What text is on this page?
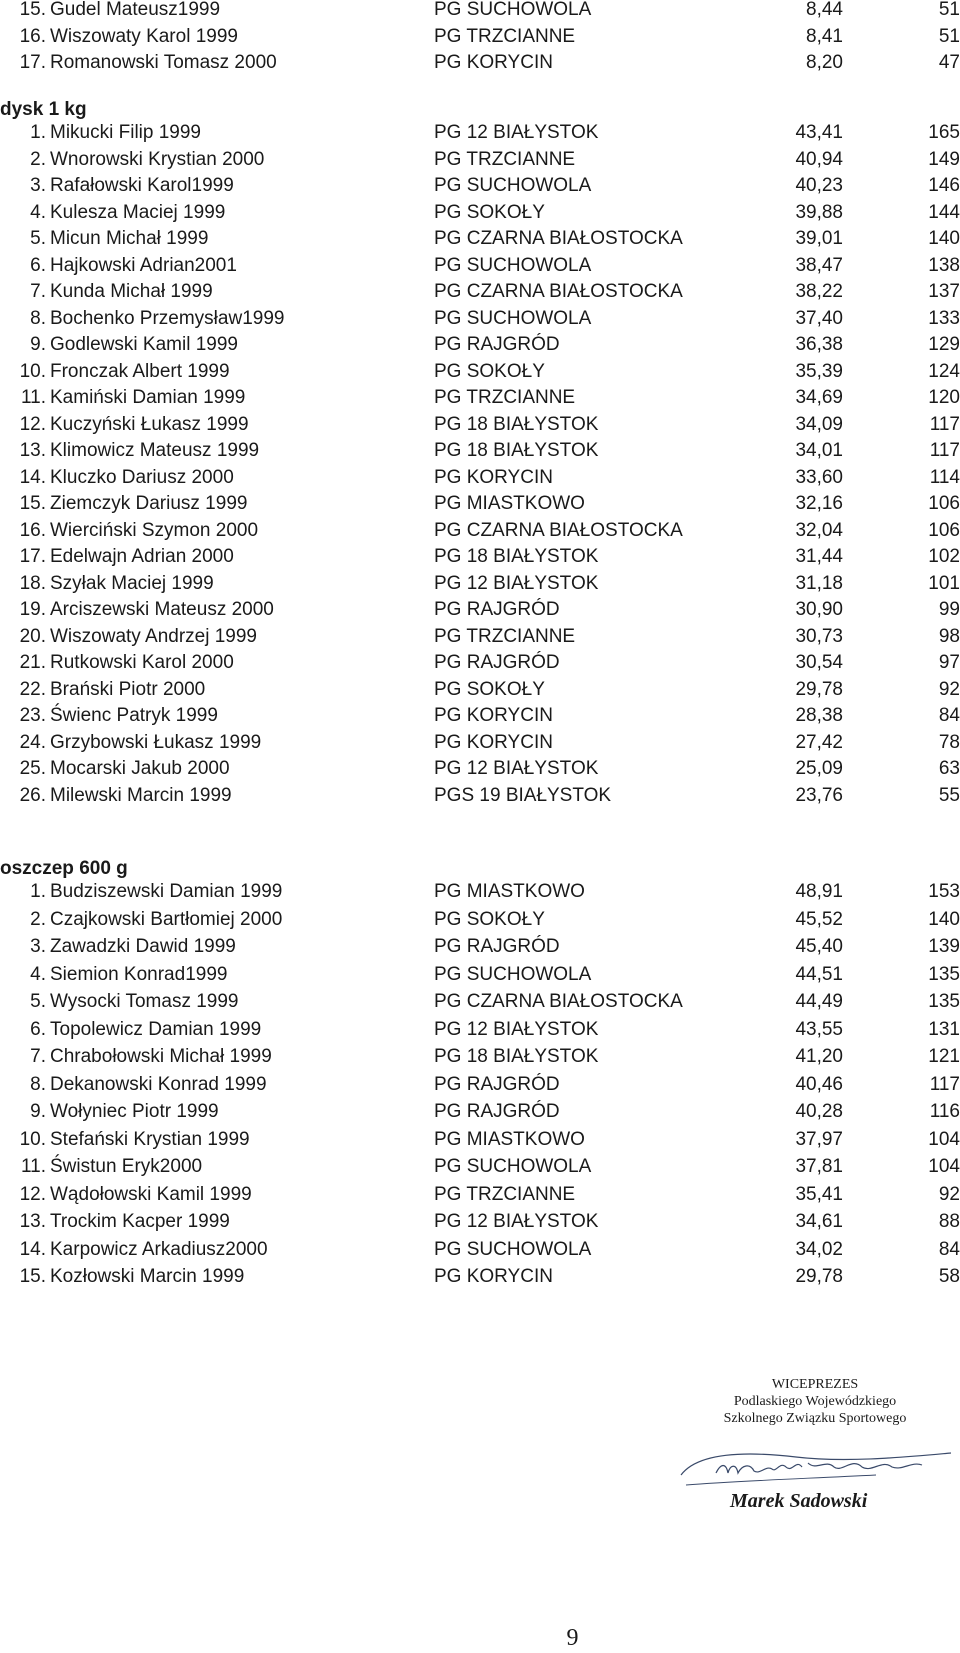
15. Gudel Mateusz1999	PG SUCHOWOLA	8,44	51
16. Wiszowaty Karol 1999	PG TRZCIANNE	8,41	51
17. Romanowski Tomasz 2000	PG KORYCIN	8,20	47
dysk 1 kg
1. Mikucki Filip 1999	PG 12 BIAŁYSTOK	43,41	165
2. Wnorowski Krystian 2000	PG TRZCIANNE	40,94	149
3. Rafałowski Karol1999	PG SUCHOWOLA	40,23	146
4. Kulesza Maciej 1999	PG SOKOŁY	39,88	144
5. Micun Michał 1999	PG CZARNA BIAŁOSTOCKA	39,01	140
6. Hajkowski Adrian2001	PG SUCHOWOLA	38,47	138
7. Kunda Michał 1999	PG CZARNA BIAŁOSTOCKA	38,22	137
8. Bochenko Przemysław1999	PG SUCHOWOLA	37,40	133
9. Godlewski Kamil 1999	PG RAJGRÓD	36,38	129
10. Fronczak Albert 1999	PG SOKOŁY	35,39	124
11. Kamiński Damian 1999	PG TRZCIANNE	34,69	120
12. Kuczyński Łukasz 1999	PG 18 BIAŁYSTOK	34,09	117
13. Klimowicz Mateusz 1999	PG 18 BIAŁYSTOK	34,01	117
14. Kluczko Dariusz 2000	PG KORYCIN	33,60	114
15. Ziemczyk Dariusz 1999	PG MIASTKOWO	32,16	106
16. Wierciński Szymon 2000	PG CZARNA BIAŁOSTOCKA	32,04	106
17. Edelwajn Adrian 2000	PG 18 BIAŁYSTOK	31,44	102
18. Szyłak Maciej 1999	PG 12 BIAŁYSTOK	31,18	101
19. Arciszewski Mateusz 2000	PG RAJGRÓD	30,90	99
20. Wiszowaty Andrzej 1999	PG TRZCIANNE	30,73	98
21. Rutkowski Karol 2000	PG RAJGRÓD	30,54	97
22. Brański Piotr 2000	PG SOKOŁY	29,78	92
23. Świenc Patryk 1999	PG KORYCIN	28,38	84
24. Grzybowski Łukasz 1999	PG KORYCIN	27,42	78
25. Mocarski Jakub 2000	PG 12 BIAŁYSTOK	25,09	63
26. Milewski Marcin 1999	PGS 19 BIAŁYSTOK	23,76	55
oszczep 600 g
1. Budziszewski Damian 1999	PG MIASTKOWO	48,91	153
2. Czajkowski Bartłomiej 2000	PG SOKOŁY	45,52	140
3. Zawadzki Dawid 1999	PG RAJGRÓD	45,40	139
4. Siemion Konrad1999	PG SUCHOWOLA	44,51	135
5. Wysocki Tomasz 1999	PG CZARNA BIAŁOSTOCKA	44,49	135
6. Topolewicz Damian 1999	PG 12 BIAŁYSTOK	43,55	131
7. Chrabołowski Michał 1999	PG 18 BIAŁYSTOK	41,20	121
8. Dekanowski Konrad 1999	PG RAJGRÓD	40,46	117
9. Wołyniec Piotr 1999	PG RAJGRÓD	40,28	116
10. Stefański Krystian 1999	PG MIASTKOWO	37,97	104
11. Świstun Eryk2000	PG SUCHOWOLA	37,81	104
12. Wądołowski Kamil 1999	PG TRZCIANNE	35,41	92
13. Trockim Kacper 1999	PG 12 BIAŁYSTOK	34,61	88
14. Karpowicz Arkadiusz2000	PG SUCHOWOLA	34,02	84
15. Kozłowski Marcin 1999	PG KORYCIN	29,78	58
WICEPREZES
Podlaskiego Wojewódzkiego
Szkolnego Związku Sportowego
Marek Sadowski
9
